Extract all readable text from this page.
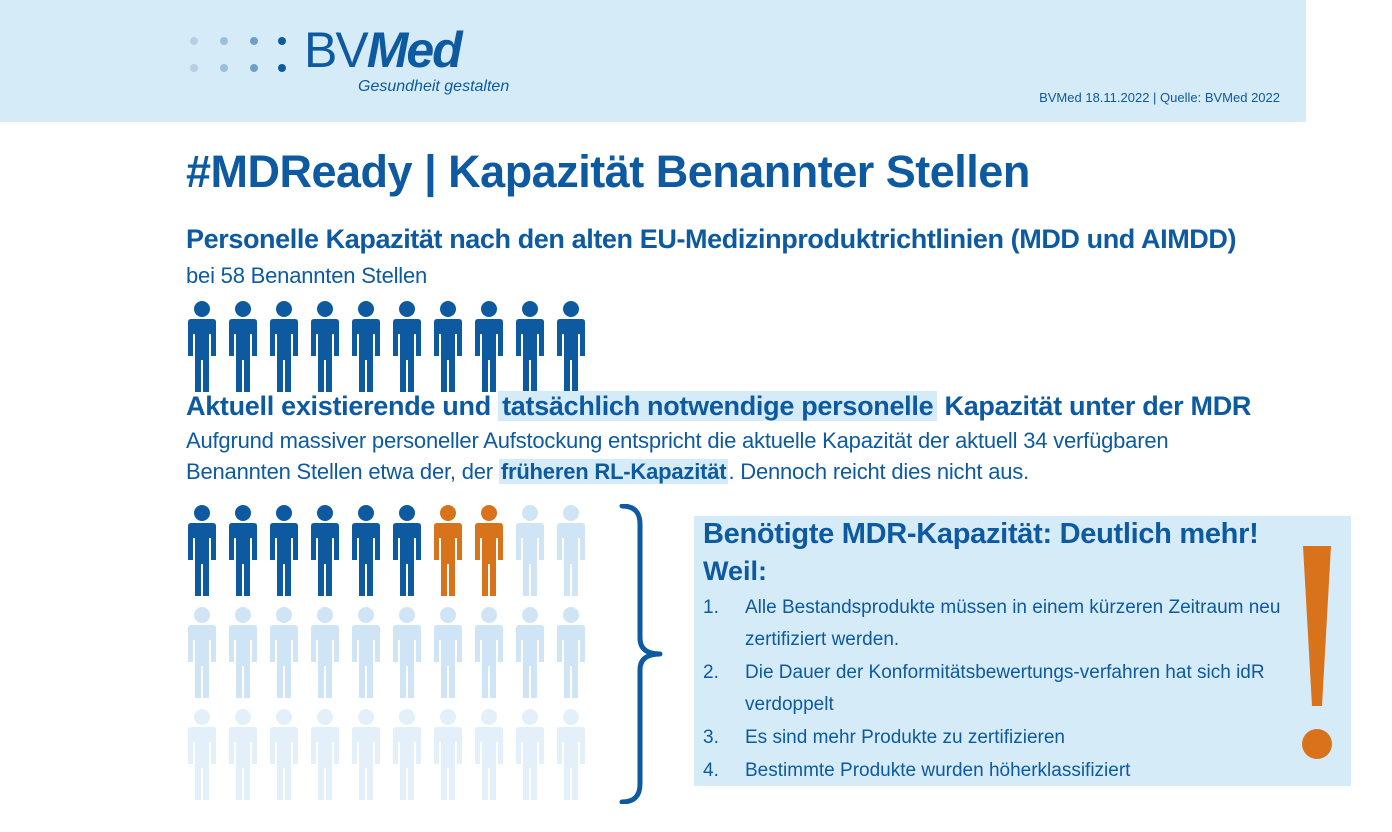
BVMed
Gesundheit gestalten
BVMed 18.11.2022 | Quelle: BVMed 2022
#MDReady | Kapazität Benannter Stellen
Personelle Kapazität nach den alten EU-Medizinproduktrichtlinien (MDD und AIMDD)
bei 58 Benannten Stellen
Aktuell existierende und tatsächlich notwendige personelle Kapazität unter der MDR
Aufgrund massiver personeller Aufstockung entspricht die aktuelle Kapazität der aktuell 34 verfügbaren
Benannten Stellen etwa der, der früheren RL-Kapazität. Dennoch reicht dies nicht aus.
Benötigte MDR-Kapazität: Deutlich mehr!
Weil:
1. Alle Bestandsprodukte müssen in einem kürzeren Zeitraum neu zertifiziert werden.
2. Die Dauer der Konformitätsbewertungs-verfahren hat sich idR verdoppelt
3. Es sind mehr Produkte zu zertifizieren
4. Bestimmte Produkte wurden höherklassifiziert
